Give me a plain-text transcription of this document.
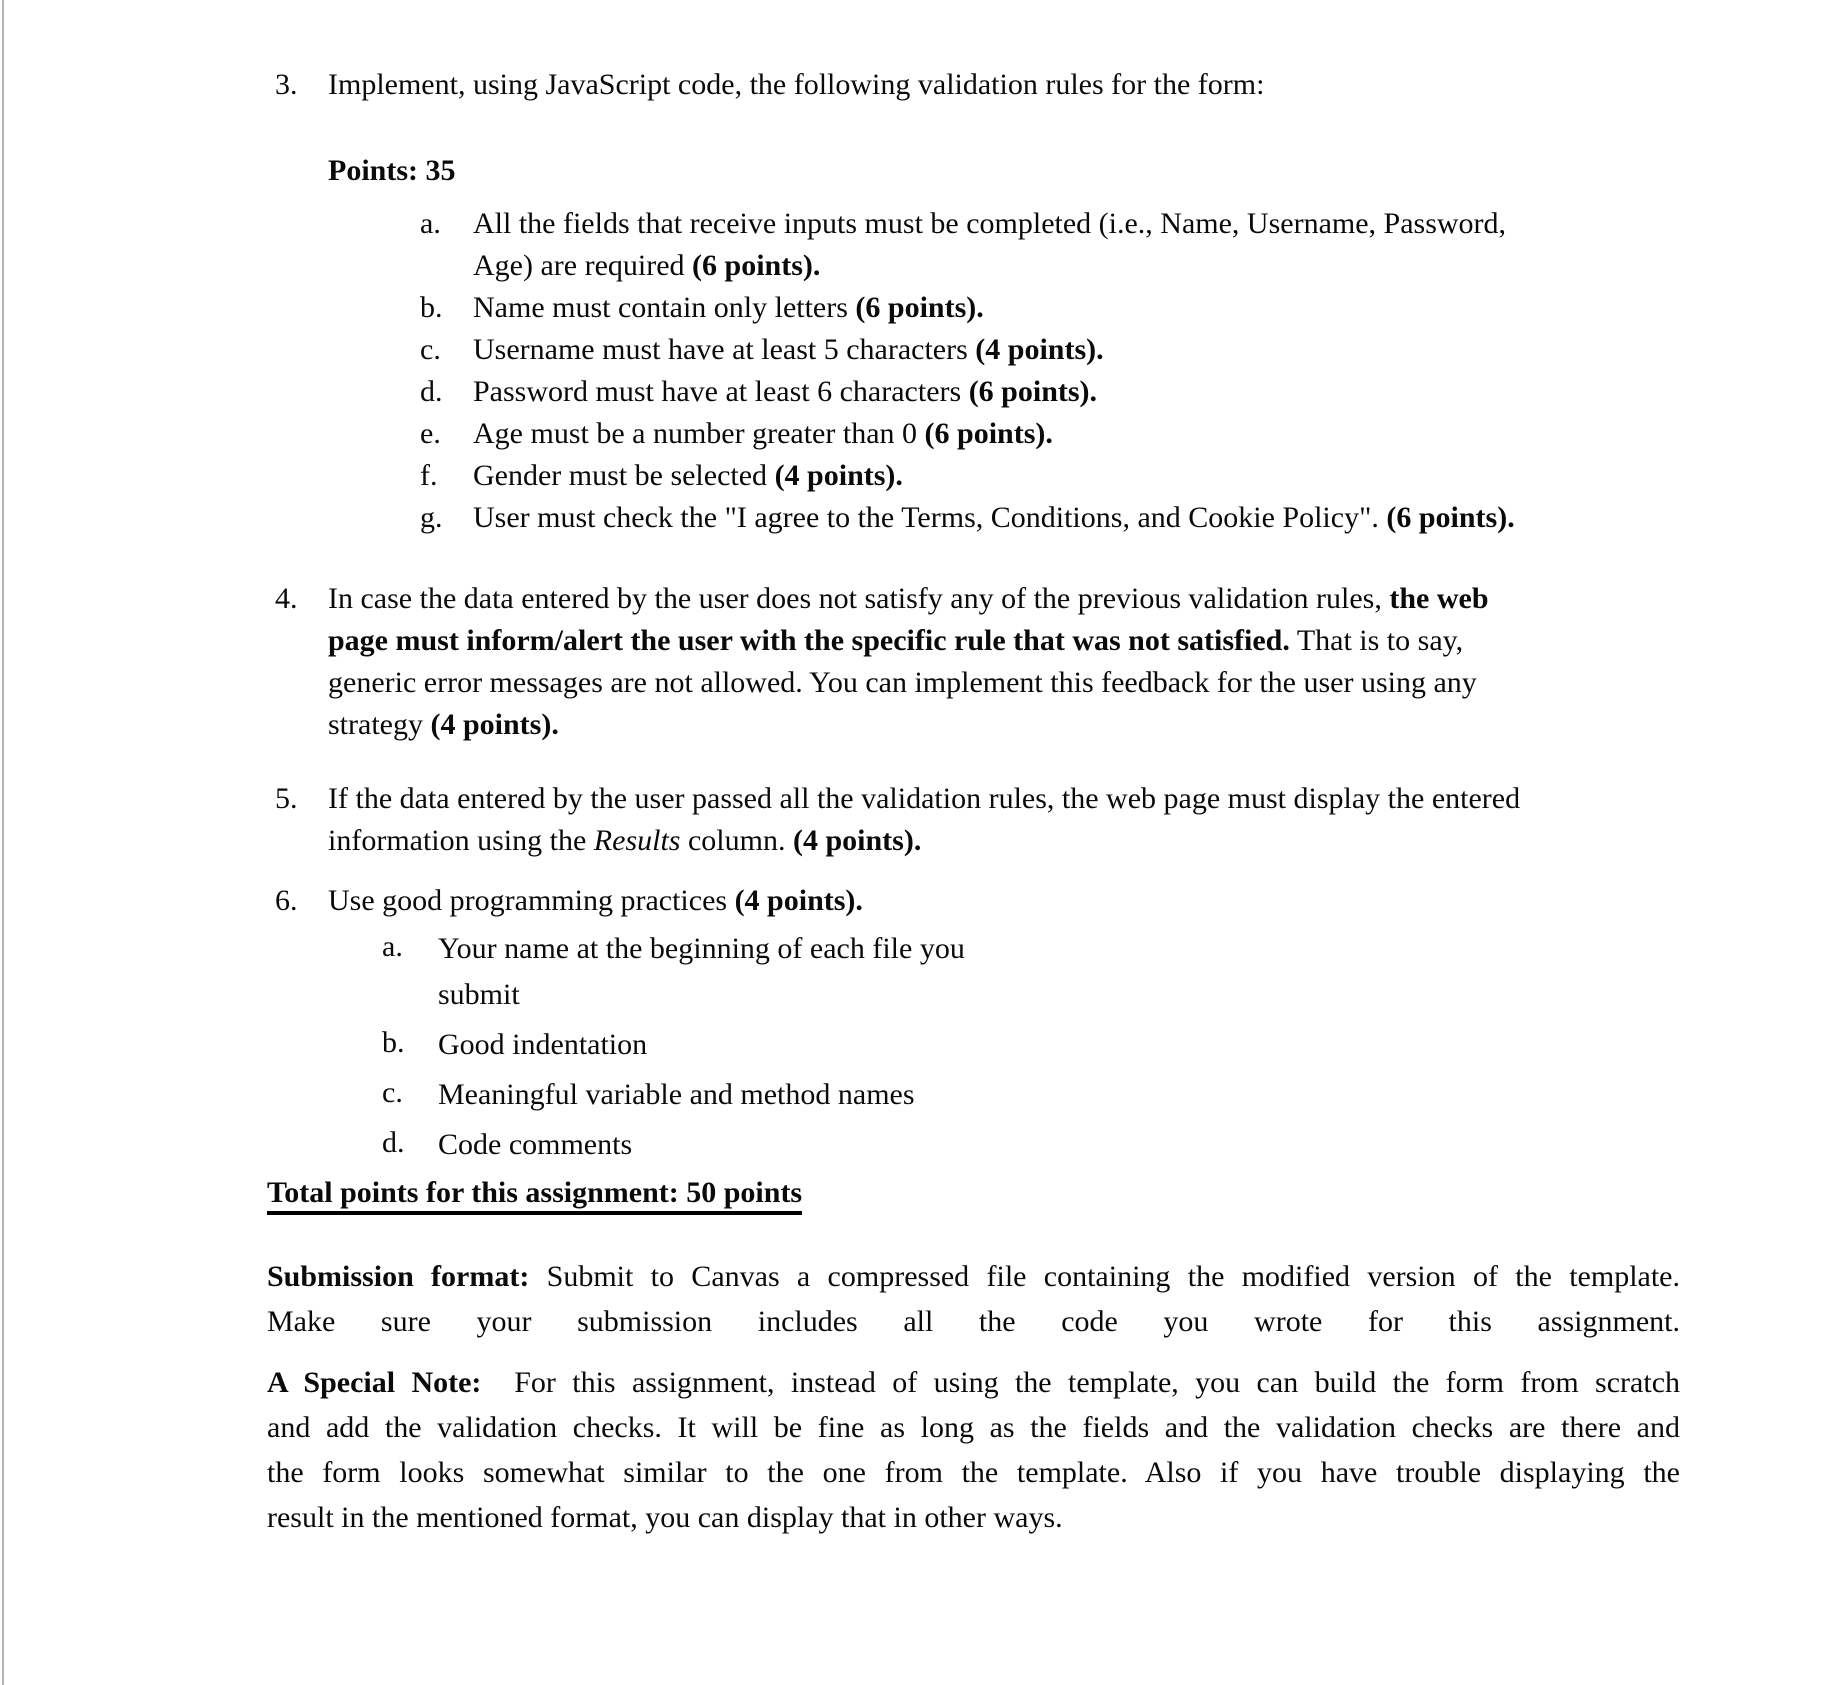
3.	Implement, using JavaScript code, the following validation rules for the form:
Points: 35
a.	All the fields that receive inputs must be completed (i.e., Name, Username, Password,
Age) are required (6 points).
b.	Name must contain only letters (6 points).
c.	Username must have at least 5 characters (4 points).
d.	Password must have at least 6 characters (6 points).
e.	Age must be a number greater than 0 (6 points).
f.	Gender must be selected (4 points).
g.	User must check the "I agree to the Terms, Conditions, and Cookie Policy". (6 points).
4.	In case the data entered by the user does not satisfy any of the previous validation rules, the web
page must inform/alert the user with the specific rule that was not satisfied. That is to say,
generic error messages are not allowed. You can implement this feedback for the user using any
strategy (4 points).
5.	If the data entered by the user passed all the validation rules, the web page must display the entered
information using the Results column. (4 points).
6.	Use good programming practices (4 points).
a.	Your name at the beginning of each file you
submit
b.	Good indentation
c.	Meaningful variable and method names
d.	Code comments
Total points for this assignment: 50 points
Submission format: Submit to Canvas a compressed file containing the modified version of the template.
Make sure your submission includes all the code you wrote for this assignment.
A Special Note:  For this assignment, instead of using the template, you can build the form from scratch
and add the validation checks. It will be fine as long as the fields and the validation checks are there and
the form looks somewhat similar to the one from the template. Also if you have trouble displaying the
result in the mentioned format, you can display that in other ways.
